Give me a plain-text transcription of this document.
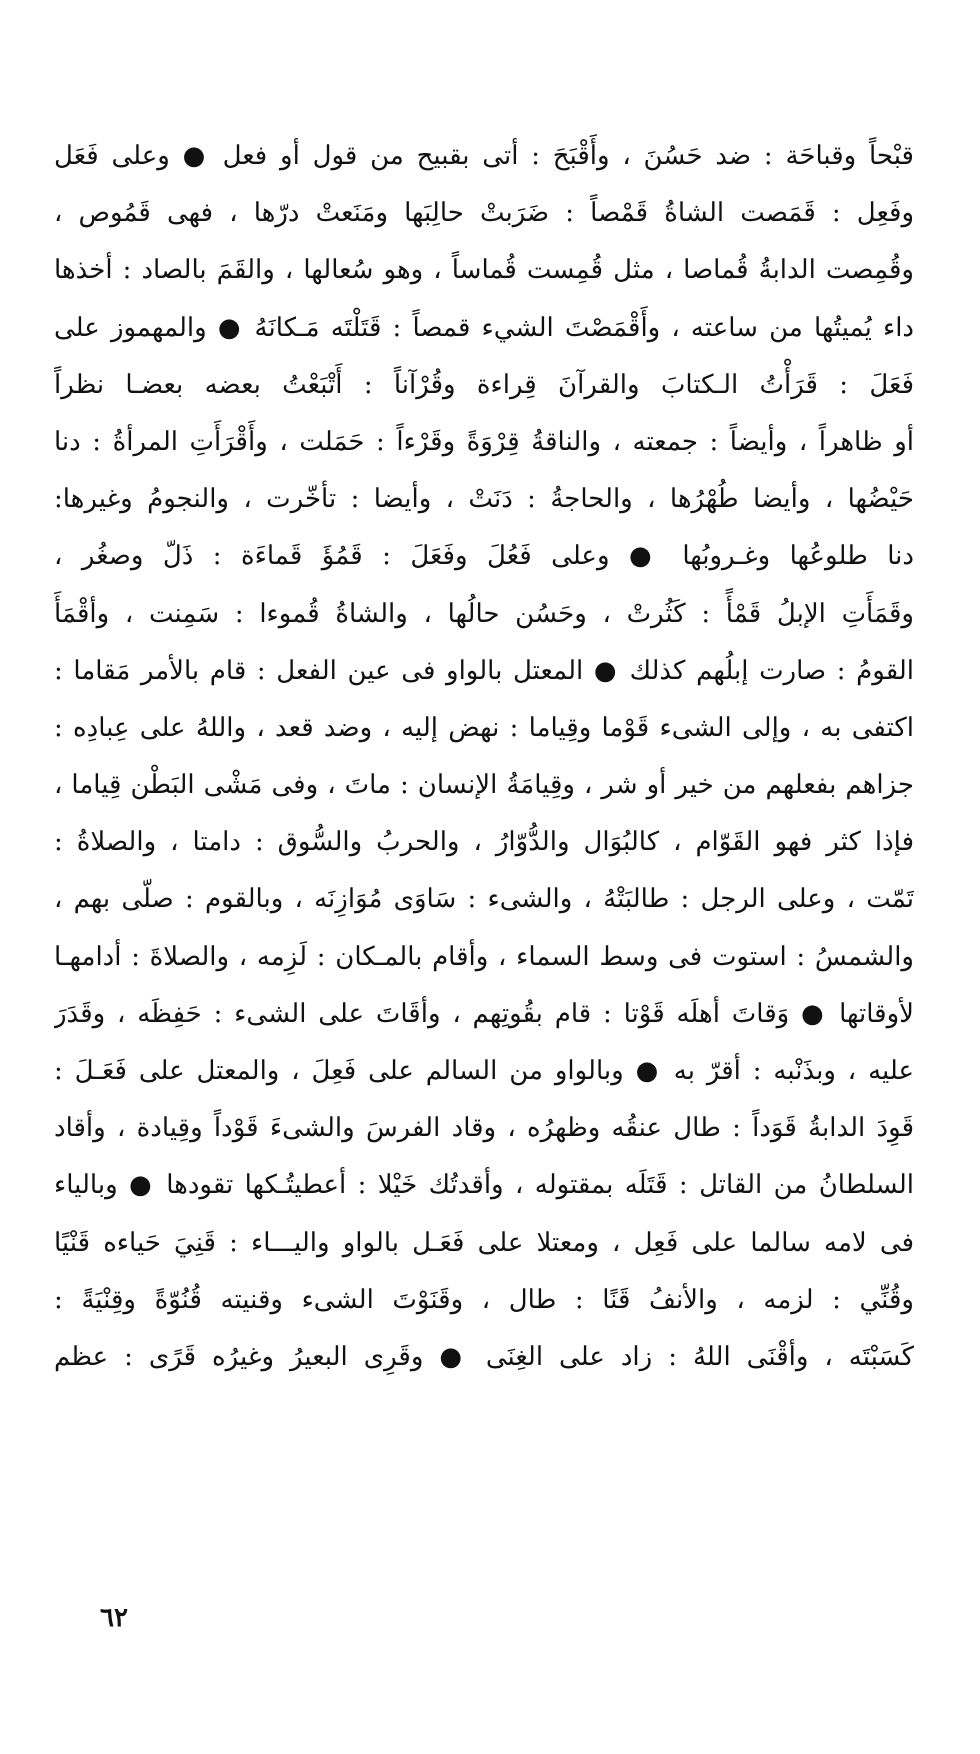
قبْحاً وقباحَة : ضد حَسُنَ ، وأَقْبَحَ : أتى بقبيح من قول أو فعل ● وعلى فَعَل
وفَعِل : قَمَصت الشاةُ قَمْصاً : ضَرَبتْ حالِبَها ومَنَعتْ درّها ، فهى قَمُوص ،
وقُمِصت الدابةُ قُماصا ، مثل قُمِست قُماساً ، وهو سُعالها ، والقَمَ بالصاد : أخذها
داء يُميتُها من ساعته ، وأَقْمَصْتَ الشيء قمصاً : قَتَلْتَه مَـكانَهُ ● والمهموز على
فَعَلَ : قَرَأْتُ الـكتابَ والقرآنَ قِراءة وقُرْآناً : أَتْبَعْتُ بعضه بعضـا نظراً
أو ظاهراً ، وأيضاً : جمعته ، والناقةُ قِرْوَةً وقَرْءاً : حَمَلت ، وأَقْرَأَتِ المرأةُ : دنا
حَيْضُها ، وأيضا طُهْرُها ، والحاجةُ : دَنَتْ ، وأيضا : تأخّرت ، والنجومُ وغيرها:
دنا طلوعُها وغـروبُها ● وعلى فَعُلَ وفَعَلَ : قَمُؤَ قَماءَة : ذَلّ وصغُر ،
وقَمَأَتِ الإبلُ قَمْأً : كَثُرتْ ، وحَسُن حالُها ، والشاةُ قُموءا : سَمِنت ، وأقْمَأَ
القومُ : صارت إبلُهم كذلك ● المعتل بالواو فى عين الفعل : قام بالأمر مَقاما :
اكتفى به ، وإلى الشىء قَوْما وقِياما : نهض إليه ، وضد قعد ، واللهُ على عِبادِه :
جزاهم بفعلهم من خير أو شر ، وقِيامَةُ الإنسان : ماتَ ، وفى مَشْى البَطْن قِياما ،
فإذا كثر فهو القَوّام ، كالبُوَال والدُّوّارُ ، والحربُ والسُّوق : دامتا ، والصلاةُ :
تَمّت ، وعلى الرجل : طالبَتْهُ ، والشىء : سَاوَى مُوَازِنَه ، وبالقوم : صلّى بهم ،
والشمسُ : استوت فى وسط السماء ، وأقام بالمـكان : لَزِمه ، والصلاةَ : أدامهـا
لأوقاتها ● وَقاتَ أهلَه قَوْتا : قام بقُوتِهم ، وأقَاتَ على الشىء : حَفِظَه ، وقَدَرَ
عليه ، وبذَنْبه : أقرّ به ● وبالواو من السالم على فَعِلَ ، والمعتل على فَعَـلَ :
قَوِدَ الدابةُ قَوَداً : طال عنقُه وظهرُه ، وقاد الفرسَ والشىءَ قَوْداً وقِيادة ، وأقاد
السلطانُ من القاتل : قَتَلَه بمقتوله ، وأقدتُك خَيْلا : أعطيتُـكها تقودها ● وبالياء
فى لامه سالما على فَعِل ، ومعتلا على فَعَـل بالواو واليـــاء : قَنِيَ حَياءه قَنْيًا
وقُنِّي : لزمه ، والأنفُ قَنًا : طال ، وقَنَوْتَ الشىء وقنيته قُنُوّةً وقِنْيَةً :
كَسَبْتَه ، وأقْنَى اللهُ : زاد على الغِنَى ● وقَرِى البعيرُ وغيرُه قَرًى : عظم
٦٢
